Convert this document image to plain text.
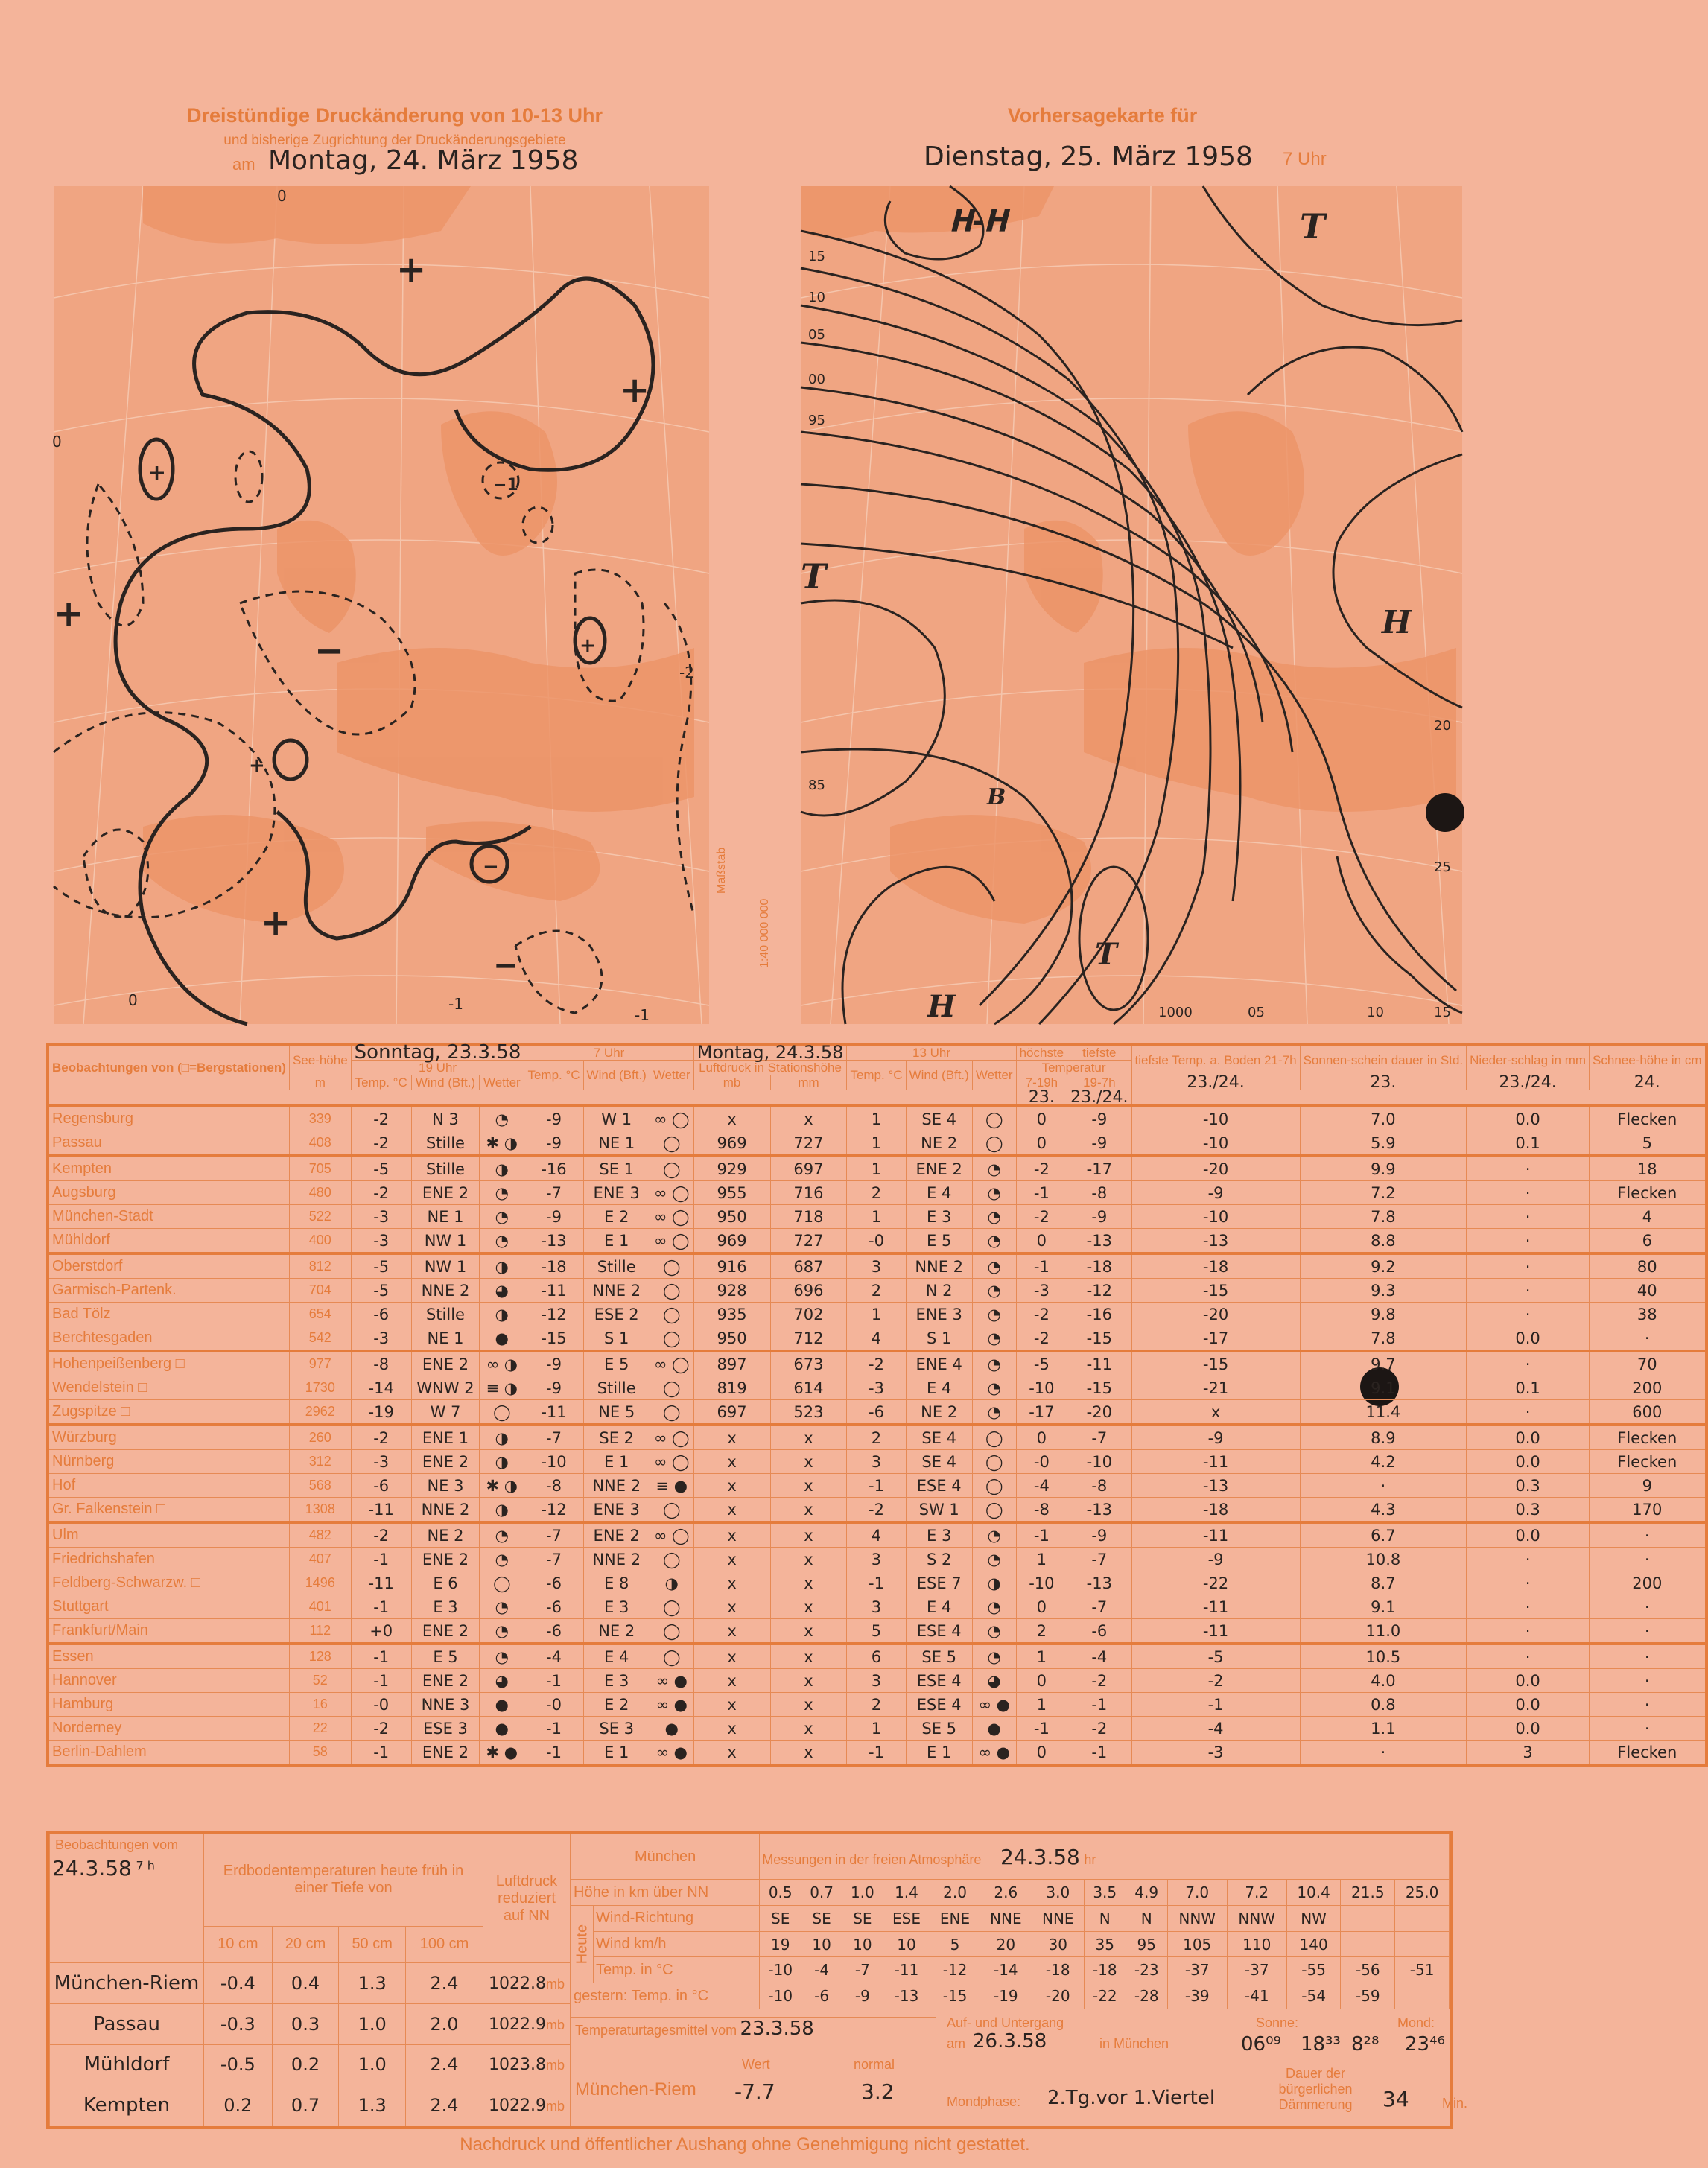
Dreistündige Druckänderung von 10-13 Uhr
und bisherige Zugrichtung der Druckänderungsgebiete
am Montag, 24. März 1958
Vorhersagekarte für
Dienstag, 25. März 1958 7 Uhr
+
+
+
+
−
−
+
+
+
−
−1
0
0
0	-1
-1
-2
Maßstab
1:40 000 000
𝐇-𝐇	T
T
H
T
H
B
15
10
05
00
95
85
10	15
05
1000
20
25
Beobachtungen von (□=Bergstationen)	See-höhe	Sonntag, 23.3.58			7 Uhr			Montag, 24.3.58		13 Uhr			höchste	tiefste	tiefste Temp. a. Boden 21-7h	Sonnen-schein dauer in Std.	Nieder-schlag in mm	Schnee-höhe in cm
		19 Uhr			Temp. °C	Wind (Bft.)	Wetter	Luftdruck in Stationshöhe		Temp. °C	Wind (Bft.)	Wetter	Temperatur					
	m	Temp. °C	Wind (Bft.)	Wetter				mb	mm				7-19h	19-7h	23./24.	23.	23./24.	24.
													23.	23./24.				
Regensburg	339	-2	N 3	◔	-9	W 1	∞ ◯	x	x	1	SE 4	◯	0	-9	-10	7.0	0.0	Flecken
Passau	408	-2	Stille	✱ ◑	-9	NE 1	◯	969	727	1	NE 2	◯	0	-9	-10	5.9	0.1	5
Kempten	705	-5	Stille	◑	-16	SE 1	◯	929	697	1	ENE 2	◔	-2	-17	-20	9.9	·	18
Augsburg	480	-2	ENE 2	◔	-7	ENE 3	∞ ◯	955	716	2	E 4	◔	-1	-8	-9	7.2	·	Flecken
München-Stadt	522	-3	NE 1	◔	-9	E 2	∞ ◯	950	718	1	E 3	◔	-2	-9	-10	7.8	·	4
Mühldorf	400	-3	NW 1	◔	-13	E 1	∞ ◯	969	727	-0	E 5	◔	0	-13	-13	8.8	·	6
Oberstdorf	812	-5	NW 1	◑	-18	Stille	◯	916	687	3	NNE 2	◔	-1	-18	-18	9.2	·	80
Garmisch-Partenk.	704	-5	NNE 2	◕	-11	NNE 2	◯	928	696	2	N 2	◔	-3	-12	-15	9.3	·	40
Bad Tölz	654	-6	Stille	◑	-12	ESE 2	◯	935	702	1	ENE 3	◔	-2	-16	-20	9.8	·	38
Berchtesgaden	542	-3	NE 1	●	-15	S 1	◯	950	712	4	S 1	◔	-2	-15	-17	7.8	0.0	·
Hohenpeißenberg □	977	-8	ENE 2	∞ ◑	-9	E 5	∞ ◯	897	673	-2	ENE 4	◔	-5	-11	-15	9.7	·	70
Wendelstein □	1730	-14	WNW 2	≡ ◑	-9	Stille	◯	819	614	-3	E 4	◔	-10	-15	-21	9.1	0.1	200
Zugspitze □	2962	-19	W 7	◯	-11	NE 5	◯	697	523	-6	NE 2	◔	-17	-20	x	11.4	·	600
Würzburg	260	-2	ENE 1	◑	-7	SE 2	∞ ◯	x	x	2	SE 4	◯	0	-7	-9	8.9	0.0	Flecken
Nürnberg	312	-3	ENE 2	◑	-10	E 1	∞ ◯	x	x	3	SE 4	◯	-0	-10	-11	4.2	0.0	Flecken
Hof	568	-6	NE 3	✱ ◑	-8	NNE 2	≡ ●	x	x	-1	ESE 4	◯	-4	-8	-13	·	0.3	9
Gr. Falkenstein □	1308	-11	NNE 2	◑	-12	ENE 3	◯	x	x	-2	SW 1	◯	-8	-13	-18	4.3	0.3	170
Ulm	482	-2	NE 2	◔	-7	ENE 2	∞ ◯	x	x	4	E 3	◔	-1	-9	-11	6.7	0.0	·
Friedrichshafen	407	-1	ENE 2	◔	-7	NNE 2	◯	x	x	3	S 2	◔	1	-7	-9	10.8	·	·
Feldberg-Schwarzw. □	1496	-11	E 6	◯	-6	E 8	◑	x	x	-1	ESE 7	◑	-10	-13	-22	8.7	·	200
Stuttgart	401	-1	E 3	◔	-6	E 3	◯	x	x	3	E 4	◔	0	-7	-11	9.1	·	·
Frankfurt/Main	112	+0	ENE 2	◔	-6	NE 2	◯	x	x	5	ESE 4	◔	2	-6	-11	11.0	·	·
Essen	128	-1	E 5	◔	-4	E 4	◯	x	x	6	SE 5	◔	1	-4	-5	10.5	·	·
Hannover	52	-1	ENE 2	◕	-1	E 3	∞ ●	x	x	3	ESE 4	◕	0	-2	-2	4.0	0.0	·
Hamburg	16	-0	NNE 3	●	-0	E 2	∞ ●	x	x	2	ESE 4	∞ ●	1	-1	-1	0.8	0.0	·
Norderney	22	-2	ESE 3	●	-1	SE 3	●	x	x	1	SE 5	●	-1	-2	-4	1.1	0.0	·
Berlin-Dahlem	58	-1	ENE 2	✱ ●	-1	E 1	∞ ●	x	x	-1	E 1	∞ ●	0	-1	-3	·	3	Flecken
Beobachtungen vom
24.3.58 $^{7 h}$	Erdbodentemperaturen heute früh in einer Tiefe von				Luftdruck reduziert auf NN
	10 cm	20 cm	50 cm	100 cm	
München-Riem	-0.4	0.4	1.3	2.4	1022.8mb
Passau	-0.3	0.3	1.0	2.0	1022.9mb
Mühldorf	-0.5	0.2	1.0	2.4	1023.8mb
Kempten	0.2	0.7	1.3	2.4	1022.9mb
München		Messungen in der freien Atmosphäre 24.3.58 hr													
Höhe in km über NN		0.5	0.7	1.0	1.4	2.0	2.6	3.0	3.5	4.9	7.0	7.2	10.4	21.5	25.0
Heute	Wind-Richtung	SE	SE	SE	ESE	ENE	NNE	NNE	N	N	NNW	NNW	NW		
	Wind km/h	19	10	10	10	5	20	30	35	95	105	110	140		
	Temp. in °C	-10	-4	-7	-11	-12	-14	-18	-18	-23	-37	-37	-55	-56	-51
gestern: Temp. in °C		-10	-6	-9	-13	-15	-19	-20	-22	-28	-39	-41	-54	-59	
Temperaturtagesmittel vom 23.3.58
München-Riem
Wert
-7.7
normal
3.2
Auf- und Untergang
am 26.3.58	in München
Sonne:
06⁰⁹ 18³³
Mond:
8²⁸ 23⁴⁶
Mondphase: 2.Tg.vor 1.Viertel
Dauer der bürgerlichen Dämmerung	34 Min.
Nachdruck und öffentlicher Aushang ohne Genehmigung nicht gestattet.
